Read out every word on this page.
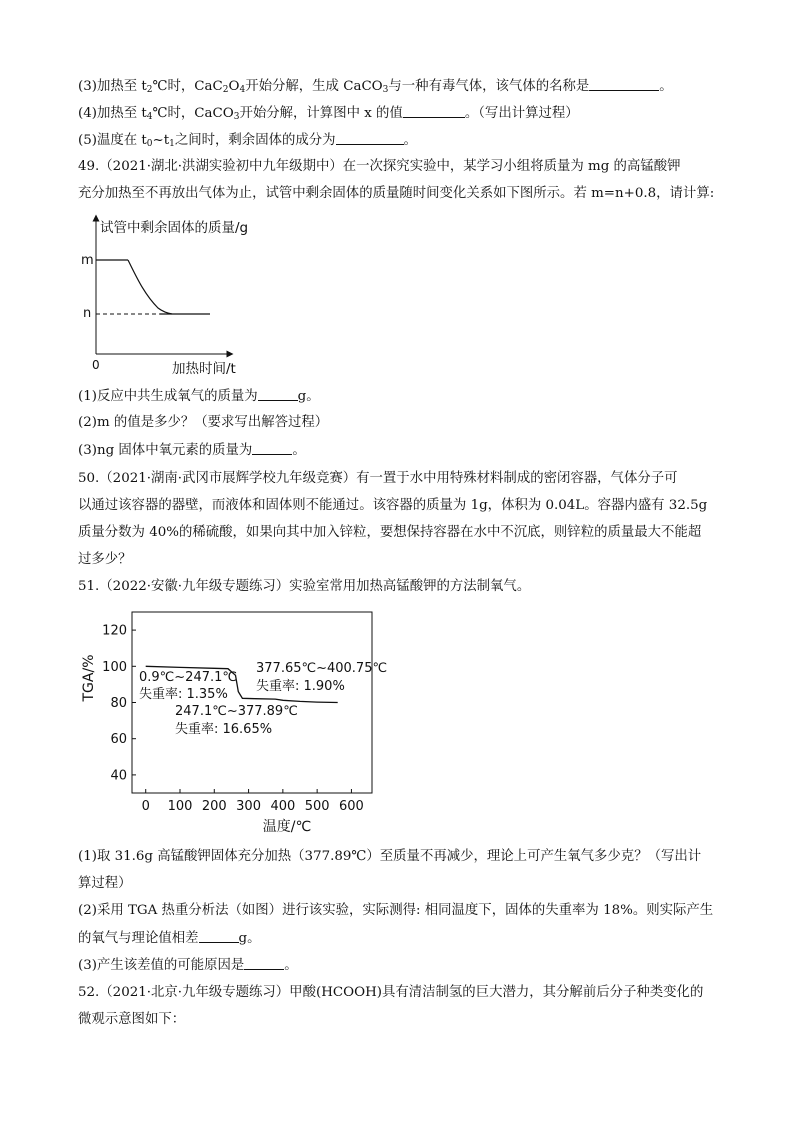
(3)加热至 $t_2℃$时，$CaC_2O_4$开始分解，生成 CaCO$_3$与一种有毒气体，该气体的名称是	。
(4)加热至 $t_4℃$时，CaCO$_3$开始分解，计算图中 x 的值	。（写出计算过程）
(5)温度在 $t_0\sim t_1$之间时，剩余固体的成分为	。
49.（2021·湖北·洪湖实验初中九年级期中）在一次探究实验中，某学习小组将质量为 mg 的高锰酸钾
充分加热至不再放出气体为止，试管中剩余固体的质量随时间变化关系如下图所示。若 m=n+0.8，请计算:
试管中剩余固体的质量/g
m
n
0	加热时间/t
(1)反应中共生成氧气的质量为	g。
(2)m 的值是多少？（要求写出解答过程）
(3)ng 固体中氧元素的质量为	。
50.（2021·湖南·武冈市展辉学校九年级竞赛）有一置于水中用特殊材料制成的密闭容器，气体分子可
以通过该容器的器壁，而液体和固体则不能通过。该容器的质量为 1g，体积为 0.04L。容器内盛有 32.5g
质量分数为 40%的稀硫酸，如果向其中加入锌粒，要想保持容器在水中不沉底，则锌粒的质量最大不能超
过多少？
51.（2022·安徽·九年级专题练习）实验室常用加热高锰酸钾的方法制氧气。
0 100 200 300 400 500 600
40
60
80
100
120
TGA/%
温度/℃
0.9℃~247.1℃
失重率: 1.35%
247.1℃~377.89℃
失重率: 16.65%
377.65℃~400.75℃
失重率: 1.90%
(1)取 31.6g 高锰酸钾固体充分加热（377.89℃）至质量不再减少，理论上可产生氧气多少克？（写出计
算过程）
(2)采用 TGA 热重分析法（如图）进行该实验，实际测得: 相同温度下，固体的失重率为 18%。则实际产生
的氧气与理论值相差	g。
(3)产生该差值的可能原因是	。
52.（2021·北京·九年级专题练习）甲酸(HCOOH)具有清洁制氢的巨大潜力，其分解前后分子种类变化的
微观示意图如下：
